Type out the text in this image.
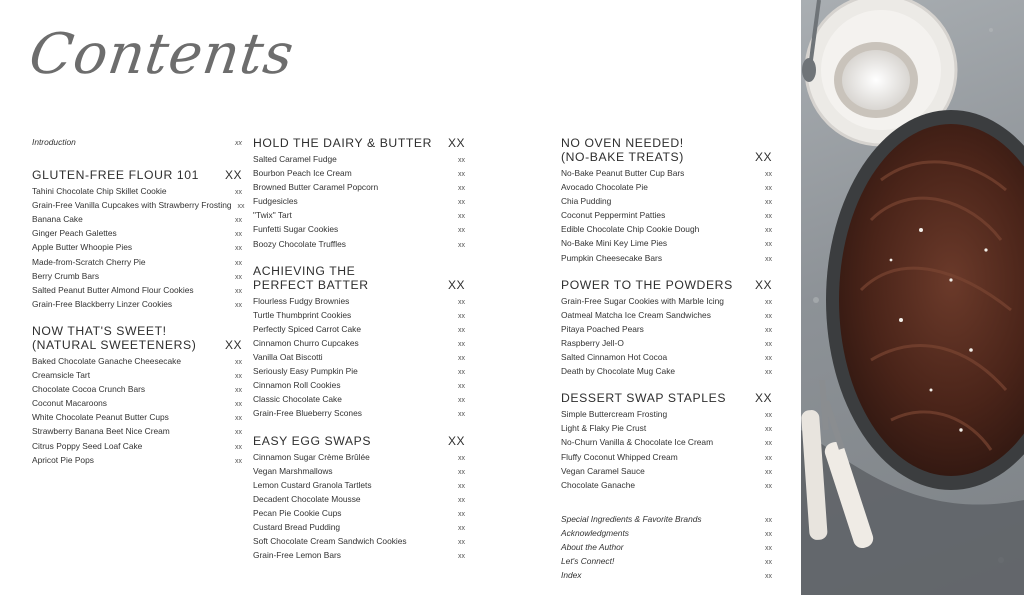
Contents
Introduction	xx
GLUTEN-FREE FLOUR 101 XX
Tahini Chocolate Chip Skillet Cookie	xx
Grain-Free Vanilla Cupcakes with Strawberry Frosting xx
Banana Cake	xx
Ginger Peach Galettes	xx
Apple Butter Whoopie Pies	xx
Made-from-Scratch Cherry Pie	xx
Berry Crumb Bars	xx
Salted Peanut Butter Almond Flour Cookies	xx
Grain-Free Blackberry Linzer Cookies	xx
NOW THAT'S SWEET!
(NATURAL SWEETENERS) XX
Baked Chocolate Ganache Cheesecake	xx
Creamsicle Tart	xx
Chocolate Cocoa Crunch Bars	xx
Coconut Macaroons	xx
White Chocolate Peanut Butter Cups	xx
Strawberry Banana Beet Nice Cream	xx
Citrus Poppy Seed Loaf Cake	xx
Apricot Pie Pops	xx
HOLD THE DAIRY & BUTTER XX
Salted Caramel Fudge	xx
Bourbon Peach Ice Cream	xx
Browned Butter Caramel Popcorn	xx
Fudgesicles	xx
"Twix" Tart	xx
Funfetti Sugar Cookies	xx
Boozy Chocolate Truffles	xx
ACHIEVING THE
PERFECT BATTER	XX
Flourless Fudgy Brownies	xx
Turtle Thumbprint Cookies	xx
Perfectly Spiced Carrot Cake	xx
Cinnamon Churro Cupcakes	xx
Vanilla Oat Biscotti	xx
Seriously Easy Pumpkin Pie	xx
Cinnamon Roll Cookies	xx
Classic Chocolate Cake	xx
Grain-Free Blueberry Scones	xx
EASY EGG SWAPS	XX
Cinnamon Sugar Crème Brûlée	xx
Vegan Marshmallows	xx
Lemon Custard Granola Tartlets	xx
Decadent Chocolate Mousse	xx
Pecan Pie Cookie Cups	xx
Custard Bread Pudding	xx
Soft Chocolate Cream Sandwich Cookies	xx
Grain-Free Lemon Bars	xx
NO OVEN NEEDED!
(NO-BAKE TREATS)	XX
No-Bake Peanut Butter Cup Bars	xx
Avocado Chocolate Pie	xx
Chia Pudding	xx
Coconut Peppermint Patties	xx
Edible Chocolate Chip Cookie Dough	xx
No-Bake Mini Key Lime Pies	xx
Pumpkin Cheesecake Bars	xx
POWER TO THE POWDERS XX
Grain-Free Sugar Cookies with Marble Icing	xx
Oatmeal Matcha Ice Cream Sandwiches	xx
Pitaya Poached Pears	xx
Raspberry Jell-O	xx
Salted Cinnamon Hot Cocoa	xx
Death by Chocolate Mug Cake	xx
DESSERT SWAP STAPLES XX
Simple Buttercream Frosting	xx
Light & Flaky Pie Crust	xx
No-Churn Vanilla & Chocolate Ice Cream	xx
Fluffy Coconut Whipped Cream	xx
Vegan Caramel Sauce	xx
Chocolate Ganache	xx
Special Ingredients & Favorite Brands	xx
Acknowledgments	xx
About the Author	xx
Let's Connect!	xx
Index	xx
